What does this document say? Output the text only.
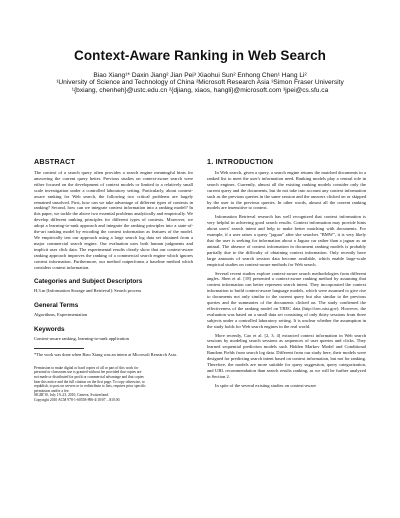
Context-Aware Ranking in Web Search
Biao Xiang¹* Daxin Jiang² Jian Pei³ Xiaohui Sun² Enhong Chen¹ Hang Li²
¹University of Science and Technology of China ²Microsoft Research Asia ³Simon Fraser University
¹{bxiang, chenheh}@ustc.edu.cn ²{djiang, xiaos, hangli}@microsoft.com ³jpei@cs.sfu.ca
ABSTRACT
The context of a search query often provides a search engine meaningful hints for answering the current query better. Previous studies on context-aware search were either focused on the development of context models or limited to a relatively small scale investigation under a controlled laboratory setting. Particularly, about context-aware ranking for Web search, the following two critical problems are largely remained unsolved. First, how can we take advantage of different types of contexts in ranking? Second, how can we integrate context information into a ranking model? In this paper, we tackle the above two essential problems analytically and empirically. We develop different ranking principles for different types of contexts. Moreover, we adopt a learning-to-rank approach and integrate the ranking principles into a state-of-the-art ranking model by encoding the context information as features of the model. We empirically test our approach using a large search log data set obtained from a major commercial search engine. Our evaluation uses both human judgments and implicit user click data. The experimental results clearly show that our context-aware ranking approach improves the ranking of a commercial search engine which ignores context information. Furthermore, our method outperforms a baseline method which considers context information.
Categories and Subject Descriptors
H.3.m [Information Storage and Retrieval]: Search process
General Terms
Algorithms, Experimentation
Keywords
Context-aware ranking, learning-to-rank application
*The work was done when Biao Xiang was an intern at Microsoft Research Asia.
Permission to make digital or hard copies of all or part of this work for
personal or classroom use is granted without fee provided that copies are
not made or distributed for profit or commercial advantage and that copies
bear this notice and the full citation on the first page. To copy otherwise, to
republish, to post on servers or to redistribute to lists, requires prior specific
permission and/or a fee.
SIGIR'10, July 19–23, 2010, Geneva, Switzerland.
Copyright 2010 ACM 978-1-60558-896-4/10/07 ...$10.00.
1. INTRODUCTION
In Web search, given a query, a search engine returns the matched documents in a ranked list to meet the user's information need. Ranking models play a central role in search engines. Currently, almost all the existing ranking models consider only the current query and the documents, but do not take into account any context information such as the previous queries in the same session and the answers clicked on or skipped by the user to the previous queries. In other words, almost all the current ranking models are insensitive to context.
Information Retrieval research has well recognized that context information is very helpful in achieving good search results. Context information may provide hints about users' search intent and help to make better matching with documents. For example, if a user raises a query "jaguar" after she searches "BMW", it is very likely that the user is seeking for information about a Jaguar car rather than a jaguar as an animal. The absence of context information in document ranking models is probably partially due to the difficulty of obtaining context information. Only recently have large amounts of search session data become available, which enable large-scale empirical studies on context-aware methods for Web search.
Several recent studies explore context-aware search methodologies from different angles. Shen et al. [18] presented a context-aware ranking method by assuming that context information can better represent search intent. They incorporated the context information to build context-aware language models, which were assumed to give rise to documents not only similar to the current query but also similar to the previous queries and the summaries of the documents clicked on. The study confirmed the effectiveness of the ranking model on TREC data (http://trec.nist.gov). However, the evaluation was based on a small data set consisting of only thirty sessions from three subjects under a controlled laboratory setting. It is unclear whether the assumption in the study holds for Web search engines in the real world.
More recently, Cao et al. [2, 3, 4] extracted context information in Web search sessions by modeling search sessions as sequences of user queries and clicks. They learned sequential prediction models such Hidden Markov Model and Conditional Random Fields from search log data. Different from our study here, their models were designed for predicting search intent based on context information, but not for ranking. Therefore, the models are more suitable for query suggestion, query categorization, and URL recommendation than search results ranking, as we will be further analyzed in Section 2.
In spite of the several existing studies on context-aware
